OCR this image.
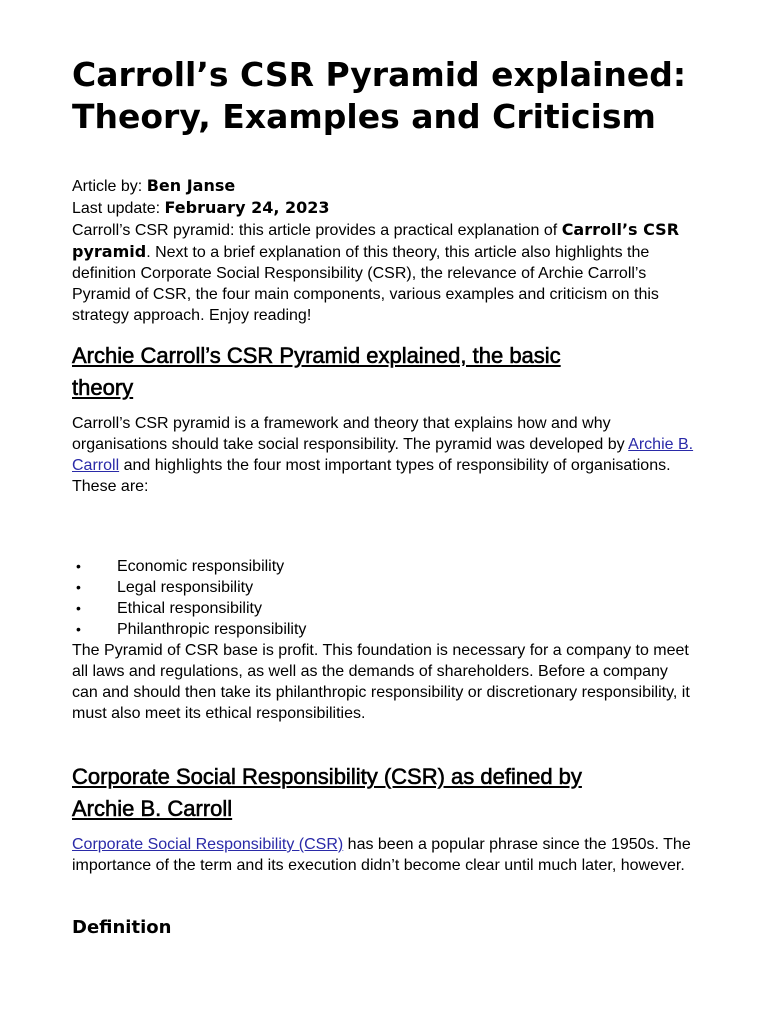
Carroll’s CSR Pyramid explained:
Theory, Examples and Criticism

Article by: Ben Janse

Last update: February 24, 2023

Carroll’s CSR pyramid: this article provides a practical explanation of Carroll’s CSR pyramid. Next to a brief explanation of this theory, this article also highlights the definition Corporate Social Responsibility (CSR), the relevance of Archie Carroll’s Pyramid of CSR, the four main components, various examples and criticism on this strategy approach. Enjoy reading!

Archie Carroll’s CSR Pyramid explained, the basic
theory

Carroll’s CSR pyramid is a framework and theory that explains how and why organisations should take social responsibility. The pyramid was developed by Archie B. Carroll and highlights the four most important types of responsibility of organisations.

These are:

• Economic responsibility
• Legal responsibility
• Ethical responsibility
• Philanthropic responsibility

The Pyramid of CSR base is profit. This foundation is necessary for a company to meet all laws and regulations, as well as the demands of shareholders. Before a company can and should then take its philanthropic responsibility or discretionary responsibility, it must also meet its ethical responsibilities.

Corporate Social Responsibility (CSR) as defined by
Archie B. Carroll

Corporate Social Responsibility (CSR) has been a popular phrase since the 1950s. The importance of the term and its execution didn’t become clear until much later, however.

Definition
